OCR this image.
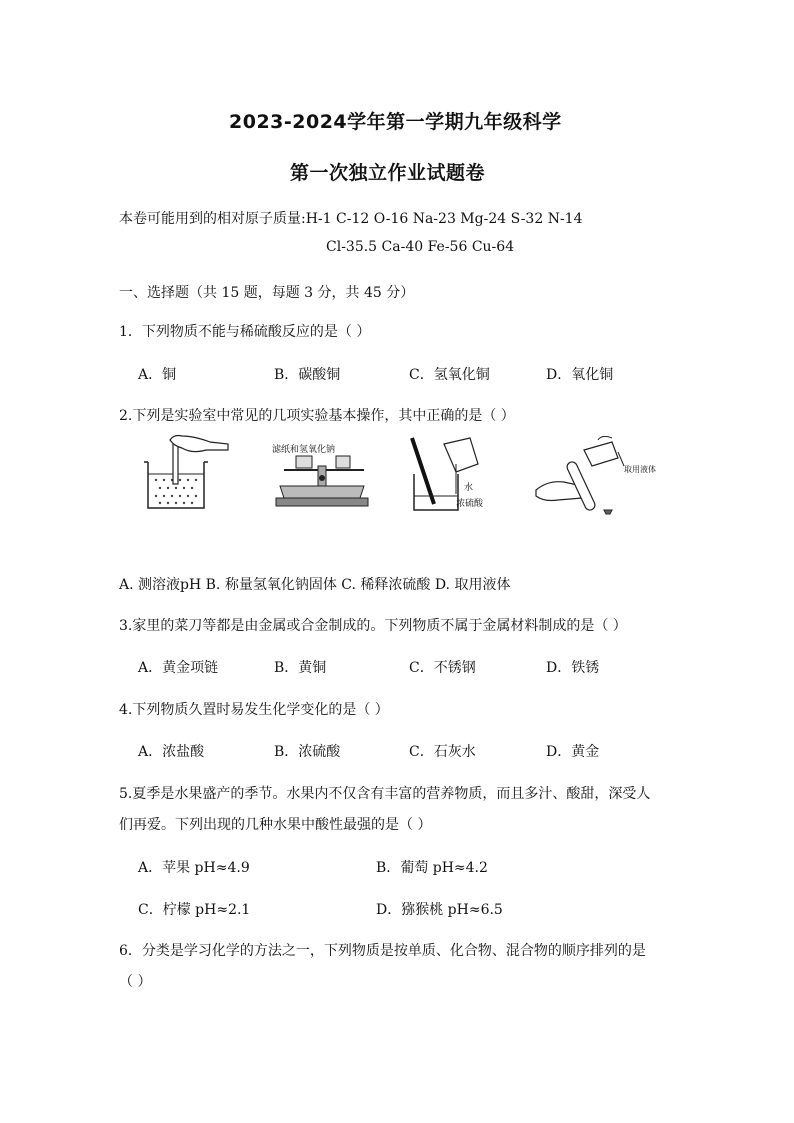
2023-2024学年第一学期九年级科学
第一次独立作业试题卷
本卷可能用到的相对原子质量:H-1 C-12 O-16 Na-23 Mg-24 S-32 N-14
Cl-35.5 Ca-40 Fe-56 Cu-64
一、选择题（共 15 题，每题 3 分，共 45 分）
1．下列物质不能与稀硫酸反应的是（ ）
A．铜	B．碳酸铜	C．氢氧化铜	D．氧化铜
2.下列是实验室中常见的几项实验基本操作，其中正确的是（ ）
滤纸和氢氧化钠
水
浓硫酸
取用液体
A. 测溶液pH B. 称量氢氧化钠固体 C. 稀释浓硫酸 D. 取用液体
3.家里的菜刀等都是由金属或合金制成的。下列物质不属于金属材料制成的是（ ）
A．黄金项链	B．黄铜	C．不锈钢	D．铁锈
4.下列物质久置时易发生化学变化的是（ ）
A．浓盐酸	B．浓硫酸	C．石灰水	D．黄金
5.夏季是水果盛产的季节。水果内不仅含有丰富的营养物质，而且多汁、酸甜，深受人
们再爱。下列出现的几种水果中酸性最强的是（ ）
A．苹果 pH≈4.9	B．葡萄 pH≈4.2
C．柠檬 pH≈2.1	D．猕猴桃 pH≈6.5
6．分类是学习化学的方法之一，下列物质是按单质、化合物、混合物的顺序排列的是
（ ）
